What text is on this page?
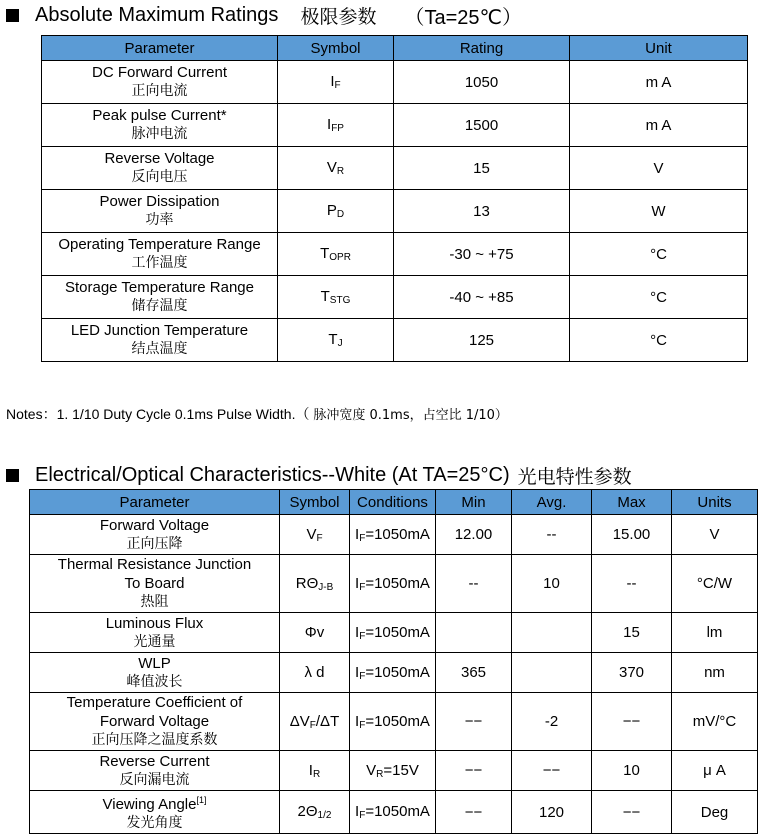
Absolute Maximum Ratings 极限参数 （Ta=25℃）
Parameter	Symbol	Rating	Unit

DC Forward Current
正向电流	$I_F$	1050	m A

Peak pulse Current*
脉冲电流	$I_{FP}$	1500	m A

Reverse Voltage
反向电压	$V_R$	15	V

Power Dissipation
功率	$P_D$	13	W

Operating Temperature Range
工作温度	$T_{OPR}$	-30 ~ +75	°C

Storage Temperature Range
储存温度	$T_{STG}$	-40 ~ +85	°C

LED Junction Temperature
结点温度	$T_J$	125	°C
Notes：1. 1/10 Duty Cycle 0.1ms Pulse Width.（ 脉冲宽度 0.1ms，占空比 1/10）
Electrical/Optical Characteristics--White (At TA=25°C) 光电特性参数
Parameter	Symbol	Conditions	Min	Avg.	Max	Units

Forward Voltage
正向压降	$V_F$	$I_F=1050mA$	12.00	--	15.00	V

Thermal Resistance Junction
To Board
热阻	$R\Theta_{J-B}$	$I_F=1050mA$	--	10	--	°C/W

Luminous Flux
光通量	Φv	$I_F=1050mA$			15	lm

WLP
峰值波长	λ d	$I_F=1050mA$	365		370	nm

Temperature Coefficient of
Forward Voltage
正向压降之温度系数	$\Delta V_F/\Delta T$	$I_F=1050mA$	−−	-2	−−	mV/°C

Reverse Current
反向漏电流	$I_R$	$V_R=15V$	−−	−−	10	μ A

Viewing Angle[1]
发光角度	$2\Theta_{1/2}$	$I_F=1050mA$	−−	120	−−	Deg
